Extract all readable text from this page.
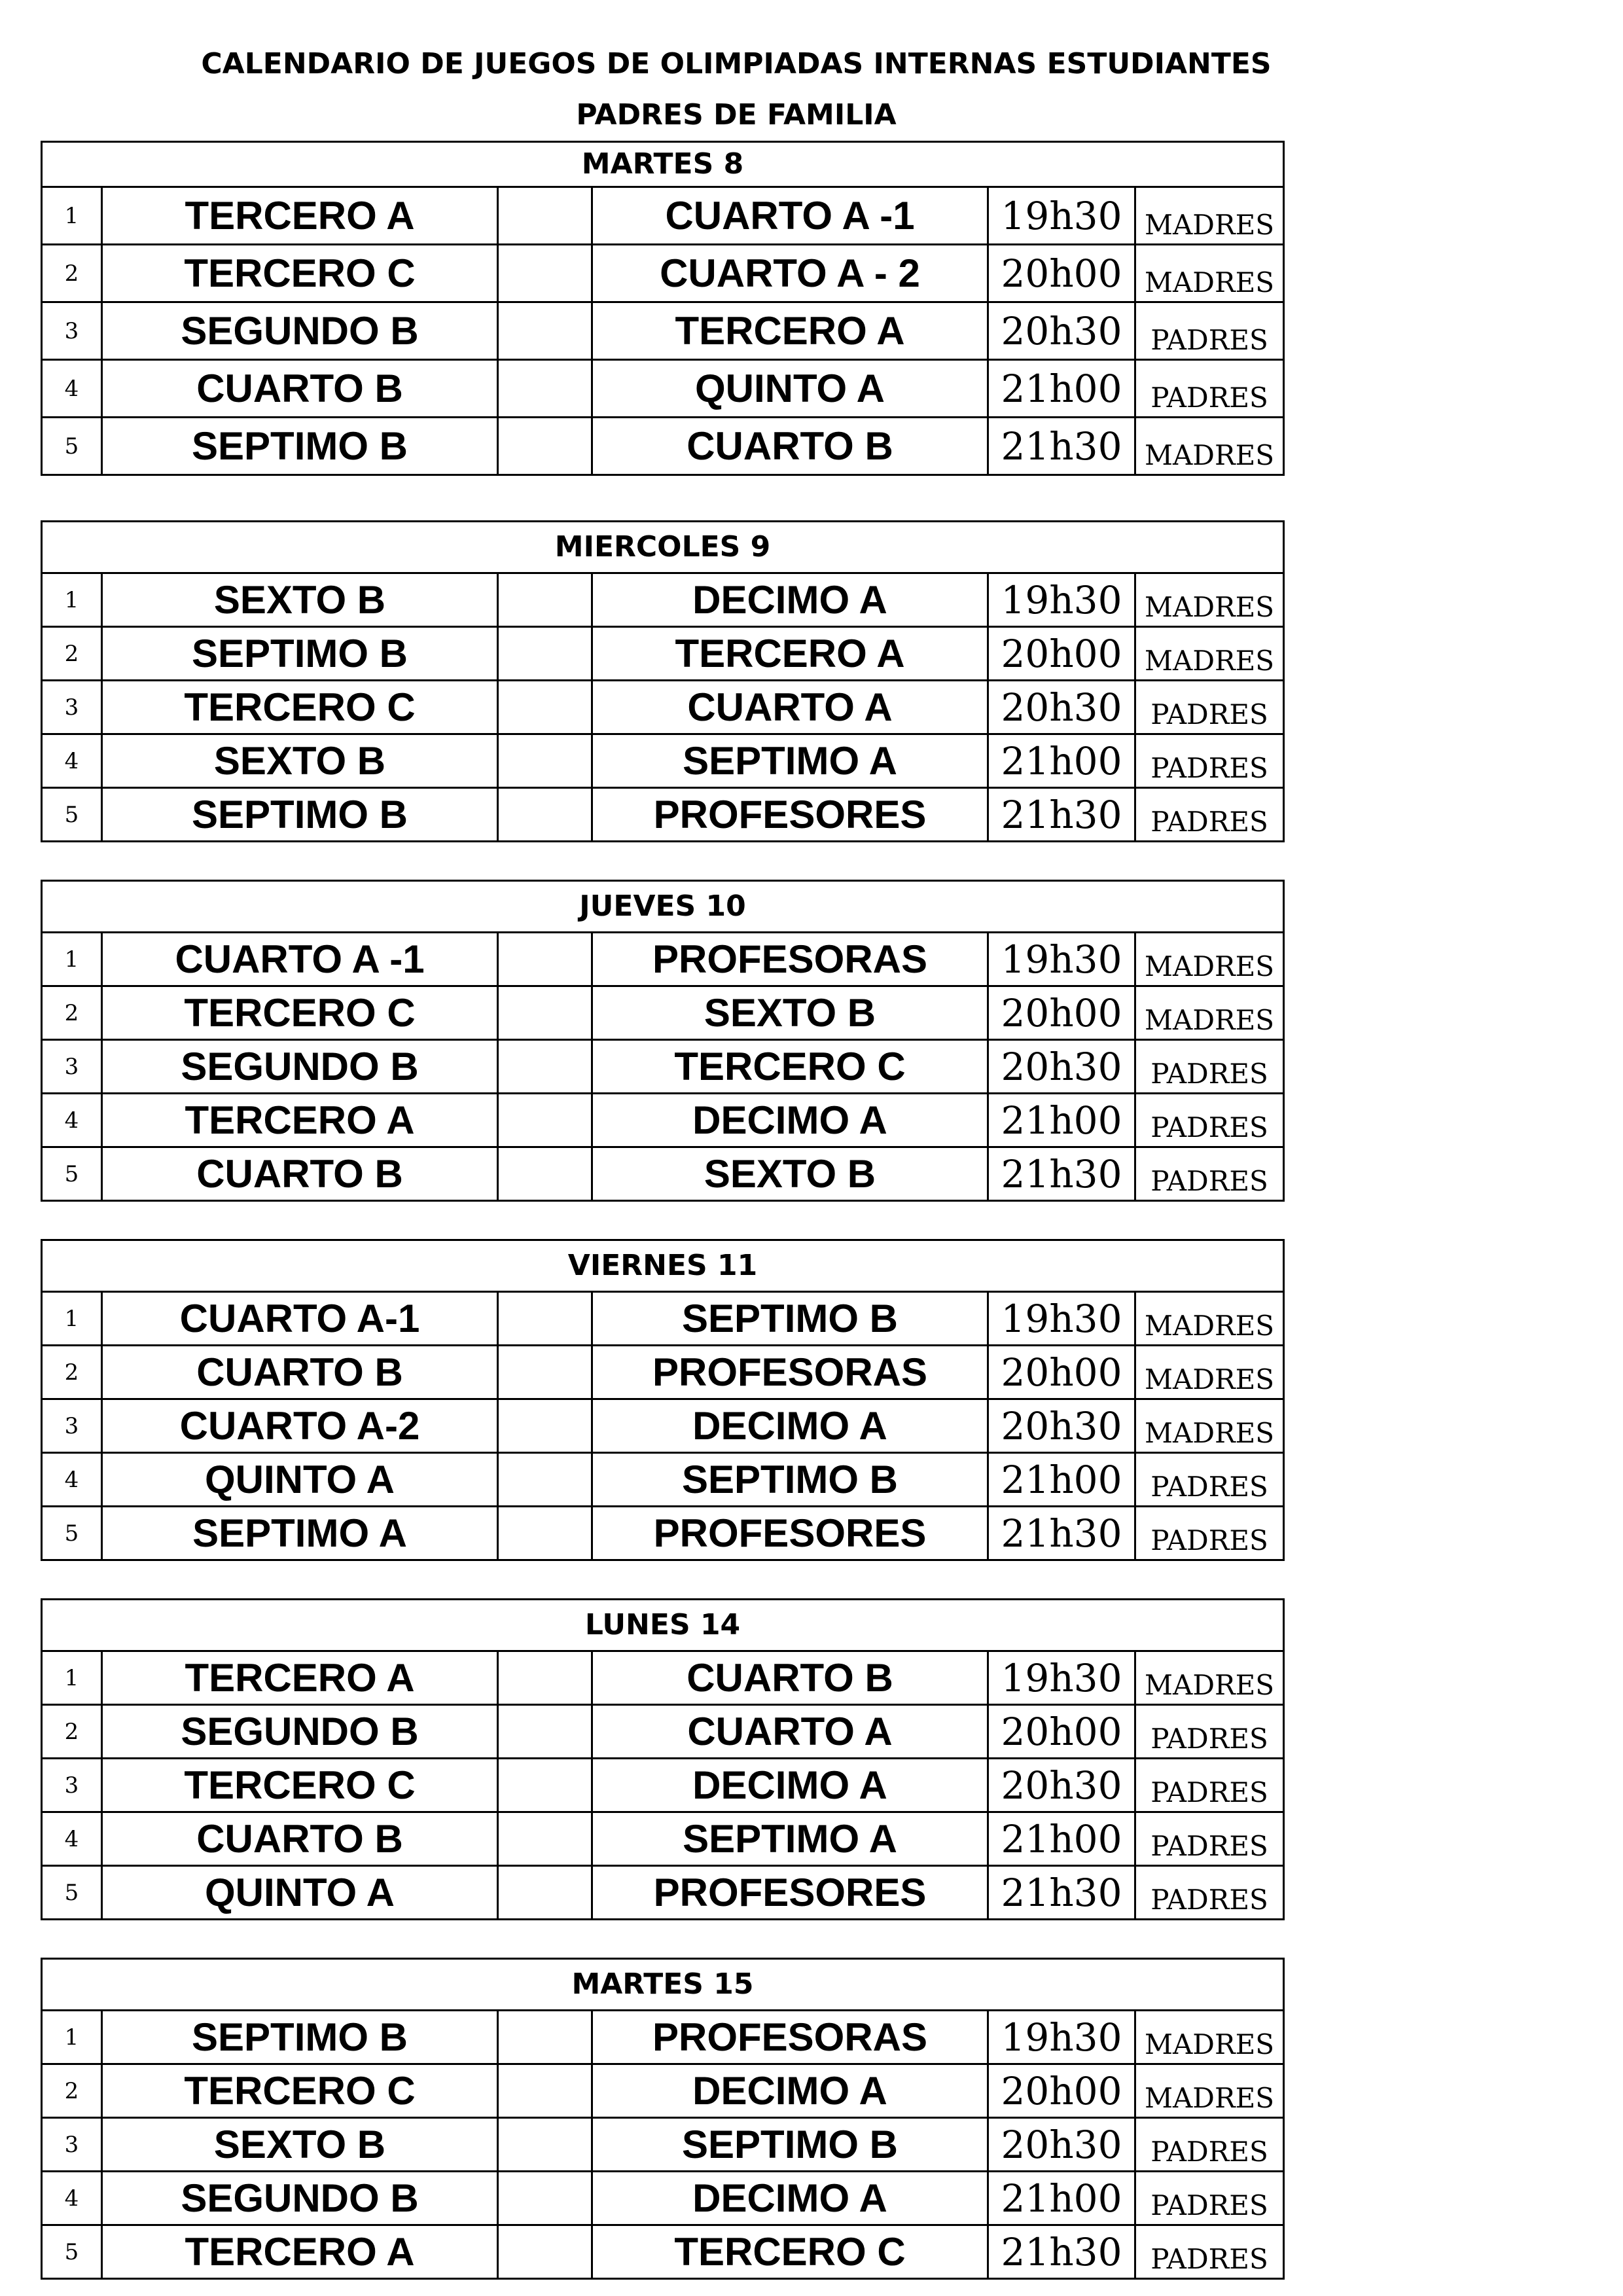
CALENDARIO DE JUEGOS DE OLIMPIADAS INTERNAS ESTUDIANTES
PADRES DE FAMILIA
MARTES 8					
1	TERCERO A		CUARTO A -1	19h30	MADRES
2	TERCERO C		CUARTO A - 2	20h00	MADRES
3	SEGUNDO B		TERCERO A	20h30	PADRES
4	CUARTO B		QUINTO A	21h00	PADRES
5	SEPTIMO B		CUARTO B	21h30	MADRES
MIERCOLES 9					
1	SEXTO B		DECIMO A	19h30	MADRES
2	SEPTIMO B		TERCERO A	20h00	MADRES
3	TERCERO C		CUARTO A	20h30	PADRES
4	SEXTO B		SEPTIMO A	21h00	PADRES
5	SEPTIMO B		PROFESORES	21h30	PADRES
JUEVES 10					
1	CUARTO A -1		PROFESORAS	19h30	MADRES
2	TERCERO C		SEXTO B	20h00	MADRES
3	SEGUNDO B		TERCERO C	20h30	PADRES
4	TERCERO A		DECIMO A	21h00	PADRES
5	CUARTO B		SEXTO B	21h30	PADRES
VIERNES 11					
1	CUARTO A-1		SEPTIMO B	19h30	MADRES
2	CUARTO B		PROFESORAS	20h00	MADRES
3	CUARTO A-2		DECIMO A	20h30	MADRES
4	QUINTO A		SEPTIMO B	21h00	PADRES
5	SEPTIMO A		PROFESORES	21h30	PADRES
LUNES 14					
1	TERCERO A		CUARTO B	19h30	MADRES
2	SEGUNDO B		CUARTO A	20h00	PADRES
3	TERCERO C		DECIMO A	20h30	PADRES
4	CUARTO B		SEPTIMO A	21h00	PADRES
5	QUINTO A		PROFESORES	21h30	PADRES
MARTES 15					
1	SEPTIMO B		PROFESORAS	19h30	MADRES
2	TERCERO C		DECIMO A	20h00	MADRES
3	SEXTO B		SEPTIMO B	20h30	PADRES
4	SEGUNDO B		DECIMO A	21h00	PADRES
5	TERCERO A		TERCERO C	21h30	PADRES
